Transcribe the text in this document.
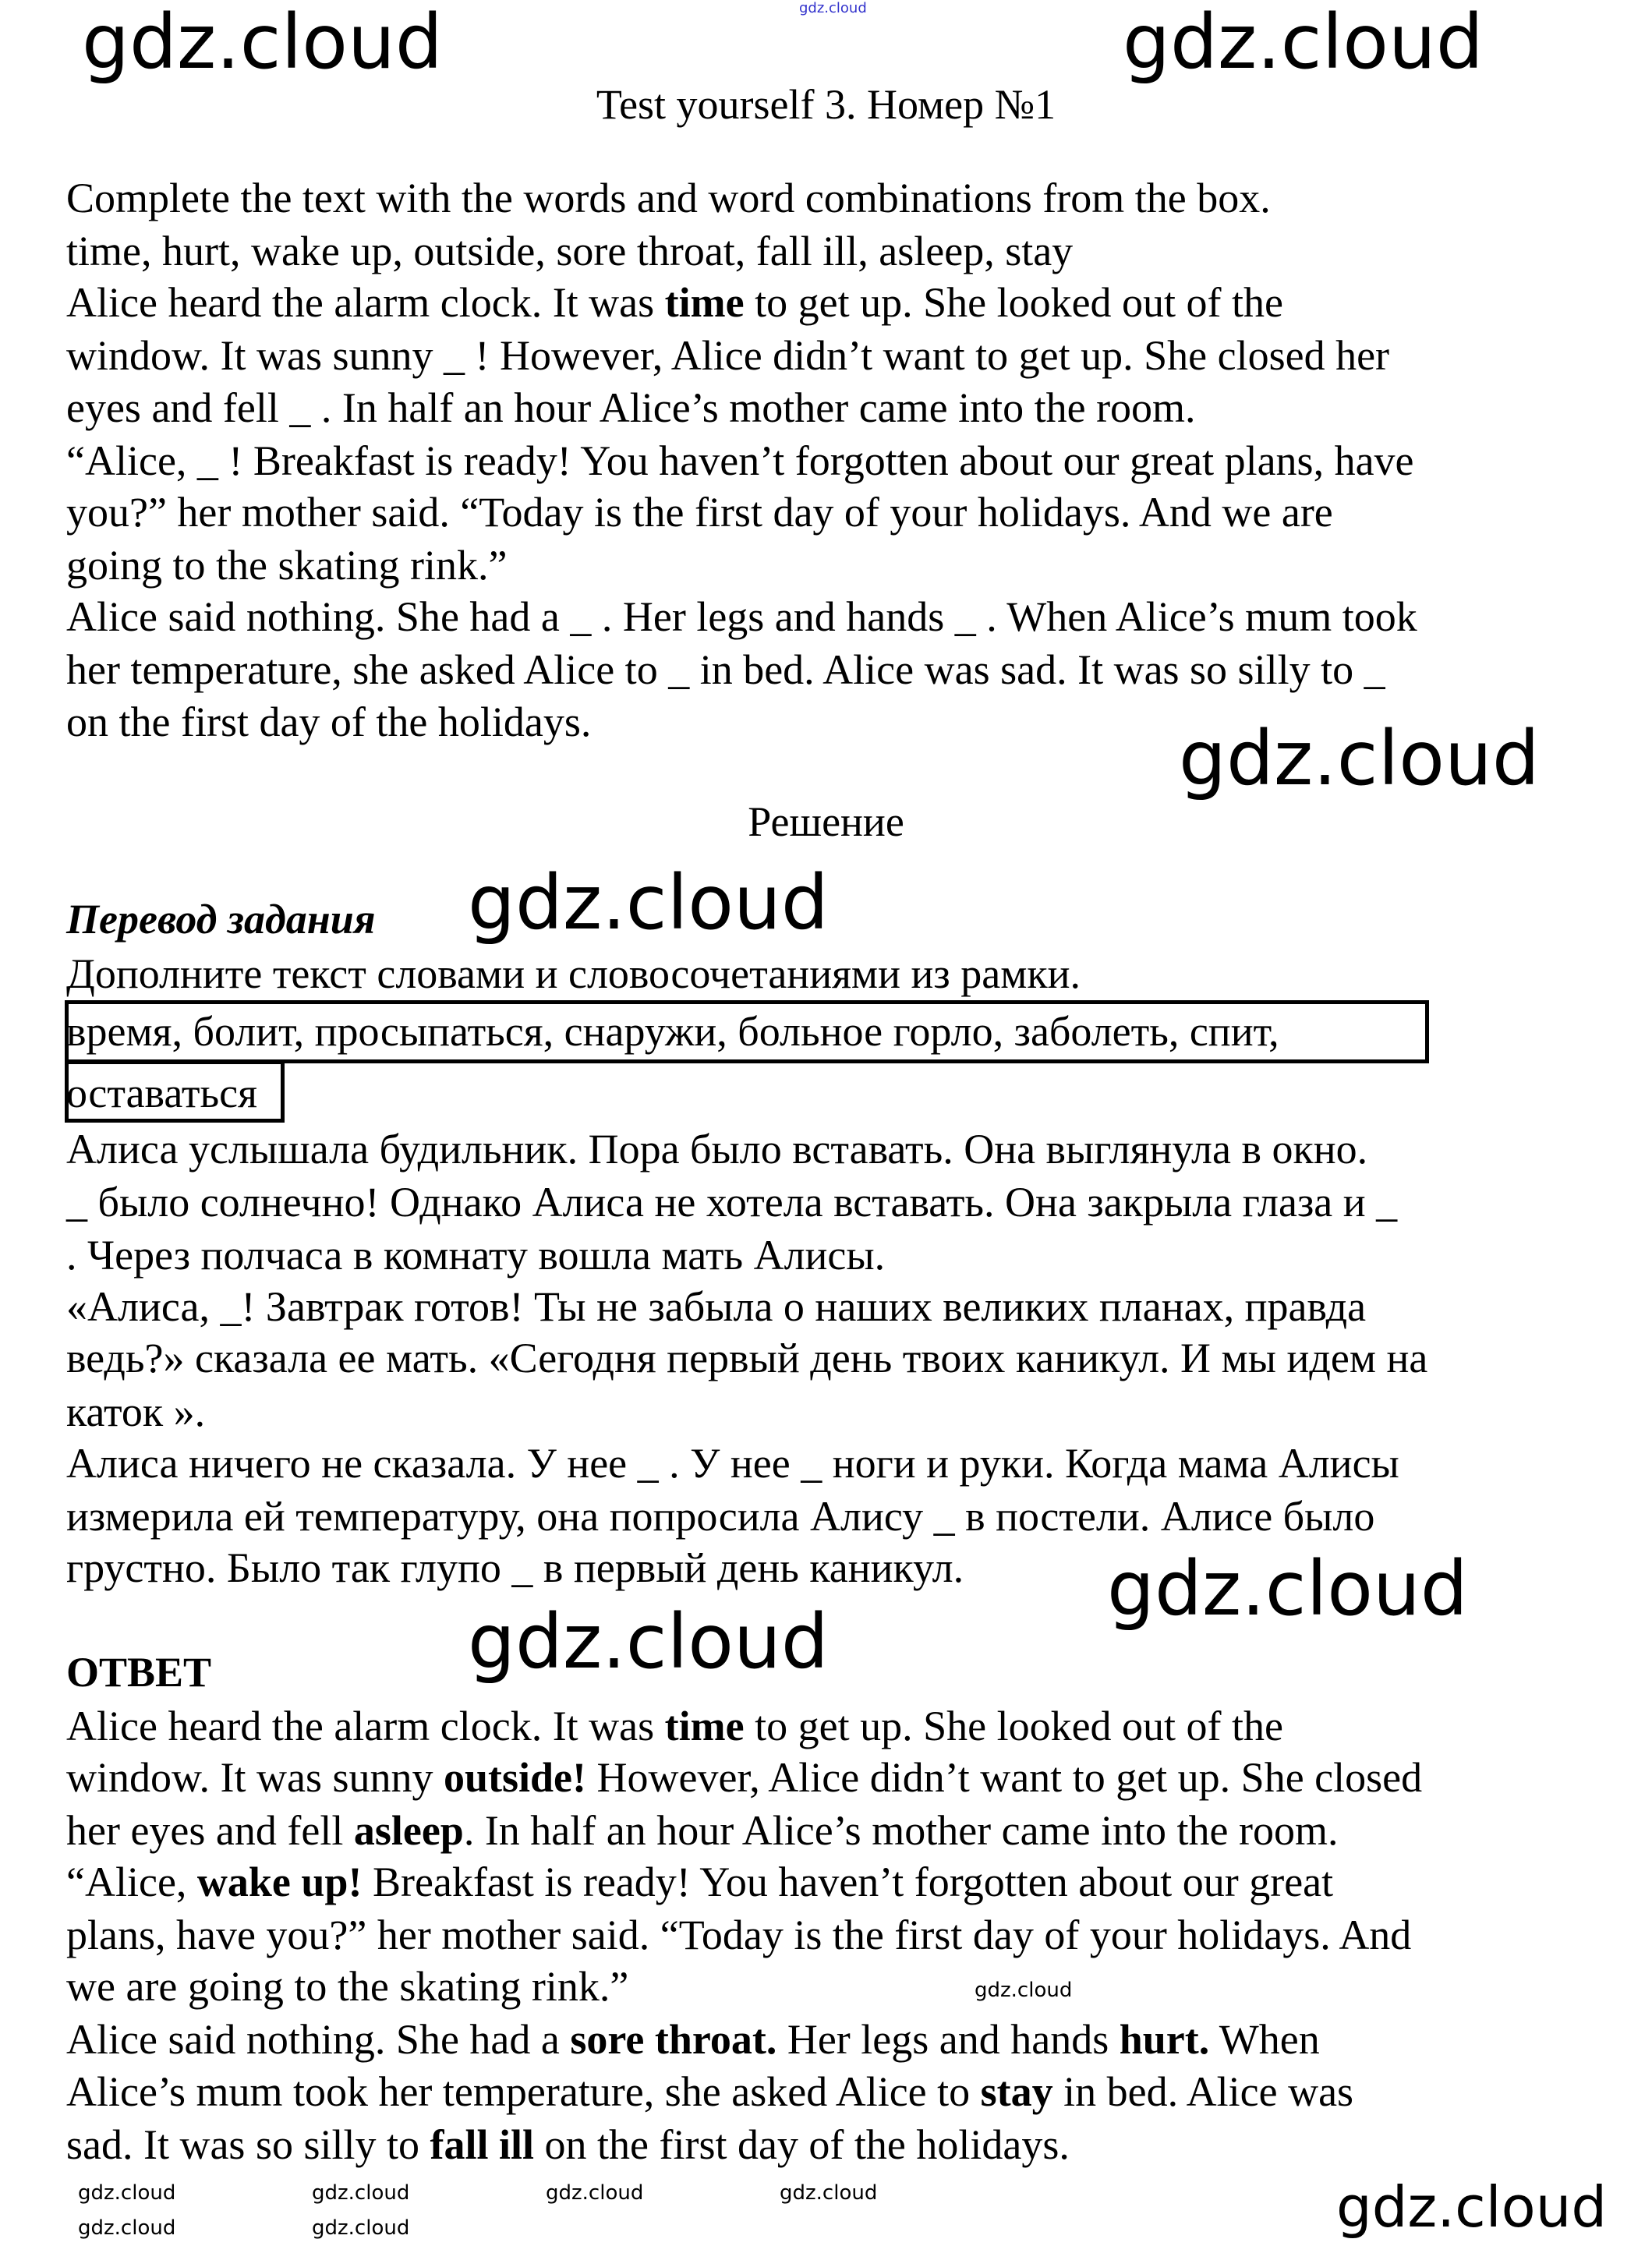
gdz.cloud
Test yourself 3. Номер №1
Complete the text with the words and word combinations from the box.
time, hurt, wake up, outside, sore throat, fall ill, asleep, stay
Alice heard the alarm clock. It was time to get up. She looked out of the
window. It was sunny _ ! However, Alice didn’t want to get up. She closed her
eyes and fell _ . In half an hour Alice’s mother came into the room.
“Alice, _ ! Breakfast is ready! You haven’t forgotten about our great plans, have
you?” her mother said. “Today is the first day of your holidays. And we are
going to the skating rink.”
Alice said nothing. She had a _ . Her legs and hands _ . When Alice’s mum took
her temperature, she asked Alice to _ in bed. Alice was sad. It was so silly to _
on the first day of the holidays.
Решение
Перевод задания
Дополните текст словами и словосочетаниями из рамки.
время, болит, просыпаться, снаружи, больное горло, заболеть, спит,
оставаться
Алиса услышала будильник. Пора было вставать. Она выглянула в окно.
_ было солнечно! Однако Алиса не хотела вставать. Она закрыла глаза и _
. Через полчаса в комнату вошла мать Алисы.
«Алиса, _! Завтрак готов! Ты не забыла о наших великих планах, правда
ведь?» сказала ее мать. «Сегодня первый день твоих каникул. И мы идем на
каток ».
Алиса ничего не сказала. У нее _ . У нее _ ноги и руки. Когда мама Алисы
измерила ей температуру, она попросила Алису _ в постели. Алисе было
грустно. Было так глупо _ в первый день каникул.
ОТВЕТ
Alice heard the alarm clock. It was time to get up. She looked out of the
window. It was sunny outside! However, Alice didn’t want to get up. She closed
her eyes and fell asleep. In half an hour Alice’s mother came into the room.
“Alice, wake up! Breakfast is ready! You haven’t forgotten about our great
plans, have you?” her mother said. “Today is the first day of your holidays. And
we are going to the skating rink.”
Alice said nothing. She had a sore throat. Her legs and hands hurt. When
Alice’s mum took her temperature, she asked Alice to stay in bed. Alice was
sad. It was so silly to fall ill on the first day of the holidays.
gdz.cloud	gdz.cloud
gdz.cloud
gdz.cloud
gdz.cloud
gdz.cloud
gdz.cloud
gdz.cloud	gdz.cloud	gdz.cloud
gdz.cloud
gdz.cloud
gdz.cloud	gdz.cloud
